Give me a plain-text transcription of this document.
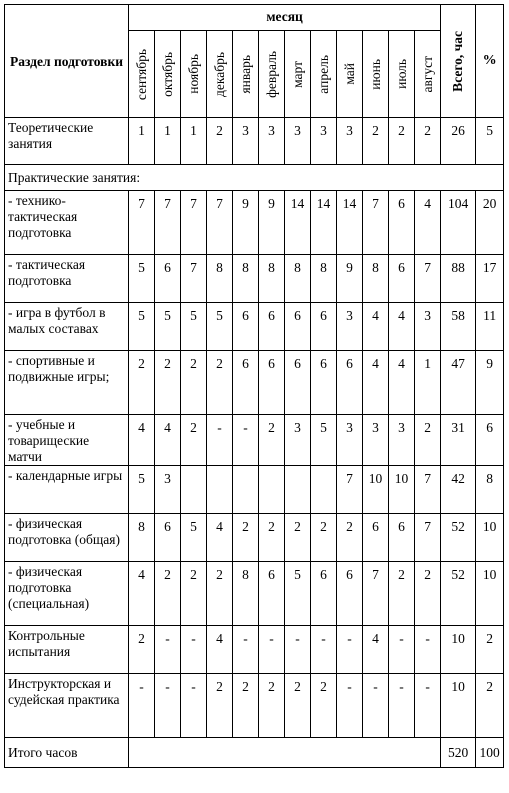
Раздел подготовки	месяц												Всего, час	%

	сентябрь	октябрь	ноябрь	декабрь	январь	февраль	март	апрель	май	июнь	июль	август		

Теоретические занятия	1	1	1	2	3	3	3	3	3	2	2	2	26	5
Практические занятия:														
- технико-тактическая подготовка	7	7	7	7	9	9	14	14	14	7	6	4	104	20
- тактическая подготовка	5	6	7	8	8	8	8	8	9	8	6	7	88	17
- игра в футбол в малых составах	5	5	5	5	6	6	6	6	3	4	4	3	58	11
- спортивные и подвижные игры;	2	2	2	2	6	6	6	6	6	4	4	1	47	9
- учебные и товарищеские матчи	4	4	2	-	-	2	3	5	3	3	3	2	31	6
- календарные игры	5	3							7	10	10	7	42	8
- физическая подготовка (общая)	8	6	5	4	2	2	2	2	2	6	6	7	52	10
- физическая подготовка (специальная)	4	2	2	2	8	6	5	6	6	7	2	2	52	10
Контрольные испытания	2	-	-	4	-	-	-	-	-	4	-	-	10	2
Инструкторская и судейская практика	-	-	-	2	2	2	2	2	-	-	-	-	10	2
Итого часов													520	100
